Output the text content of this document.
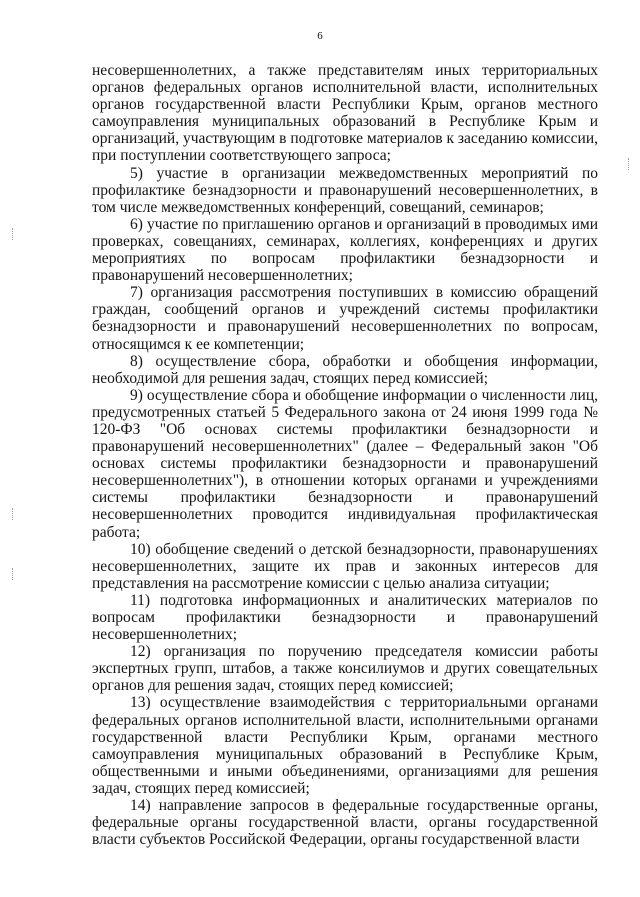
6

несовершеннолетних, а также представителям иных территориальных органов федеральных органов исполнительной власти, исполнительных органов государственной власти Республики Крым, органов местного самоуправления муниципальных образований в Республике Крым и организаций, участвующим в подготовке материалов к заседанию комиссии, при поступлении соответствующего запроса;

5) участие в организации межведомственных мероприятий по профилактике безнадзорности и правонарушений несовершеннолетних, в том числе межведомственных конференций, совещаний, семинаров;

6) участие по приглашению органов и организаций в проводимых ими проверках, совещаниях, семинарах, коллегиях, конференциях и других мероприятиях по вопросам профилактики безнадзорности и правонарушений несовершеннолетних;

7) организация рассмотрения поступивших в комиссию обращений граждан, сообщений органов и учреждений системы профилактики безнадзорности и правонарушений несовершеннолетних по вопросам, относящимся к ее компетенции;

8) осуществление сбора, обработки и обобщения информации, необходимой для решения задач, стоящих перед комиссией;

9) осуществление сбора и обобщение информации о численности лиц, предусмотренных статьей 5 Федерального закона от 24 июня 1999 года № 120-ФЗ "Об основах системы профилактики безнадзорности и правонарушений несовершеннолетних" (далее – Федеральный закон "Об основах системы профилактики безнадзорности и правонарушений несовершеннолетних"), в отношении которых органами и учреждениями системы профилактики безнадзорности и правонарушений несовершеннолетних проводится индивидуальная профилактическая работа;

10) обобщение сведений о детской безнадзорности, правонарушениях несовершеннолетних, защите их прав и законных интересов для представления на рассмотрение комиссии с целью анализа ситуации;

11) подготовка информационных и аналитических материалов по вопросам профилактики безнадзорности и правонарушений несовершеннолетних;

12) организация по поручению председателя комиссии работы экспертных групп, штабов, а также консилиумов и других совещательных органов для решения задач, стоящих перед комиссией;

13) осуществление взаимодействия с территориальными органами федеральных органов исполнительной власти, исполнительными органами государственной власти Республики Крым, органами местного самоуправления муниципальных образований в Республике Крым, общественными и иными объединениями, организациями для решения задач, стоящих перед комиссией;

14) направление запросов в федеральные государственные органы, федеральные органы государственной власти, органы государственной власти субъектов Российской Федерации, органы государственной власти
